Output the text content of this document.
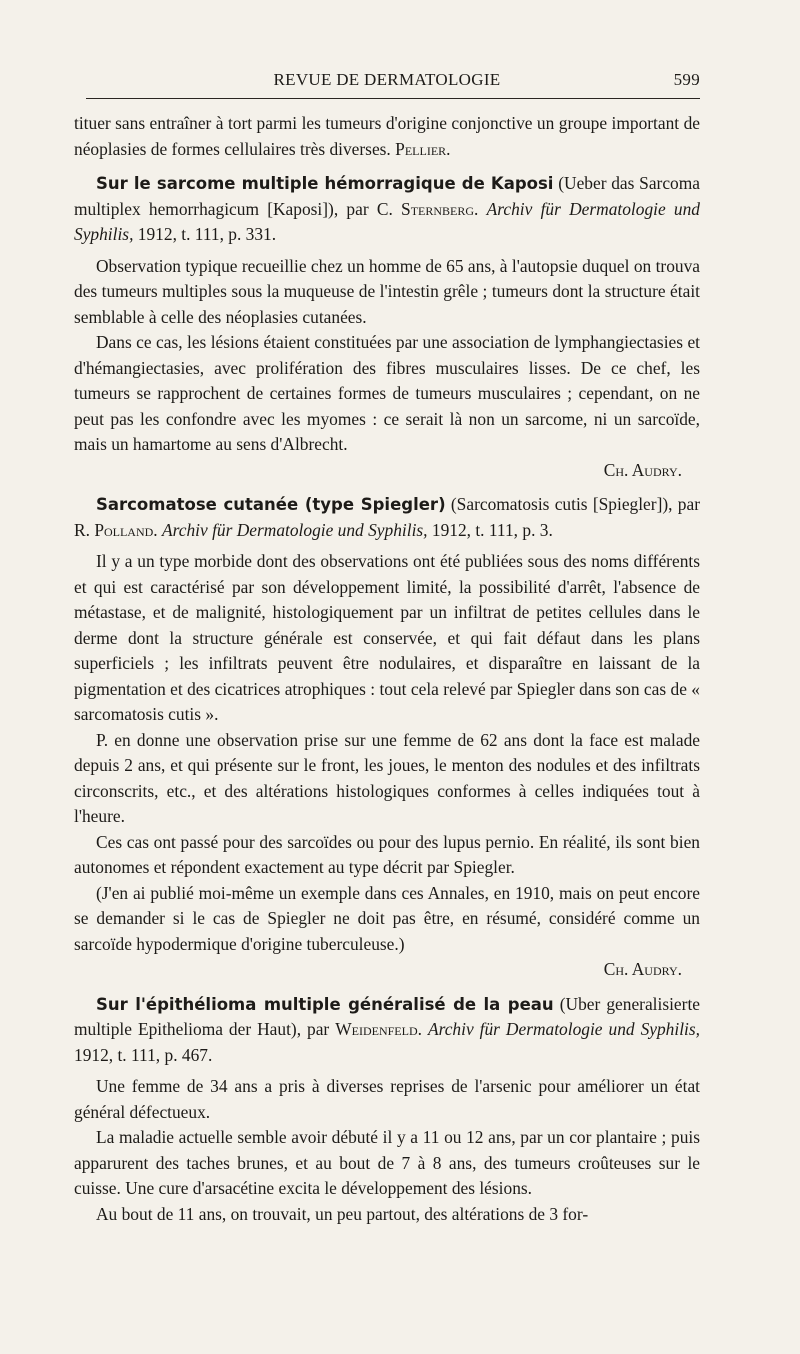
REVUE DE DERMATOLOGIE	599

tituer sans entraîner à tort parmi les tumeurs d'origine conjonctive un groupe important de néoplasies de formes cellulaires très diverses. Pellier.

Sur le sarcome multiple hémorragique de Kaposi (Ueber das Sarcoma multiplex hemorrhagicum [Kaposi]), par C. Sternberg. Archiv für Dermatologie und Syphilis, 1912, t. 111, p. 331.

Observation typique recueillie chez un homme de 65 ans, à l'autopsie duquel on trouva des tumeurs multiples sous la muqueuse de l'intestin grêle ; tumeurs dont la structure était semblable à celle des néoplasies cutanées.

Dans ce cas, les lésions étaient constituées par une association de lymphangiectasies et d'hémangiectasies, avec prolifération des fibres musculaires lisses. De ce chef, les tumeurs se rapprochent de certaines formes de tumeurs musculaires ; cependant, on ne peut pas les confondre avec les myomes : ce serait là non un sarcome, ni un sarcoïde, mais un hamartome au sens d'Albrecht.

Ch. Audry.

Sarcomatose cutanée (type Spiegler) (Sarcomatosis cutis [Spiegler]), par R. Polland. Archiv für Dermatologie und Syphilis, 1912, t. 111, p. 3.

Il y a un type morbide dont des observations ont été publiées sous des noms différents et qui est caractérisé par son développement limité, la possibilité d'arrêt, l'absence de métastase, et de malignité, histologiquement par un infiltrat de petites cellules dans le derme dont la structure générale est conservée, et qui fait défaut dans les plans superficiels ; les infiltrats peuvent être nodulaires, et disparaître en laissant de la pigmentation et des cicatrices atrophiques : tout cela relevé par Spiegler dans son cas de « sarcomatosis cutis ».

P. en donne une observation prise sur une femme de 62 ans dont la face est malade depuis 2 ans, et qui présente sur le front, les joues, le menton des nodules et des infiltrats circonscrits, etc., et des altérations histologiques conformes à celles indiquées tout à l'heure.

Ces cas ont passé pour des sarcoïdes ou pour des lupus pernio. En réalité, ils sont bien autonomes et répondent exactement au type décrit par Spiegler.

(J'en ai publié moi-même un exemple dans ces Annales, en 1910, mais on peut encore se demander si le cas de Spiegler ne doit pas être, en résumé, considéré comme un sarcoïde hypodermique d'origine tuberculeuse.)

Ch. Audry.

Sur l'épithélioma multiple généralisé de la peau (Uber generalisierte multiple Epithelioma der Haut), par Weidenfeld. Archiv für Dermatologie und Syphilis, 1912, t. 111, p. 467.

Une femme de 34 ans a pris à diverses reprises de l'arsenic pour améliorer un état général défectueux.

La maladie actuelle semble avoir débuté il y a 11 ou 12 ans, par un cor plantaire ; puis apparurent des taches brunes, et au bout de 7 à 8 ans, des tumeurs croûteuses sur le cuisse. Une cure d'arsacétine excita le développement des lésions.

Au bout de 11 ans, on trouvait, un peu partout, des altérations de 3 for-
